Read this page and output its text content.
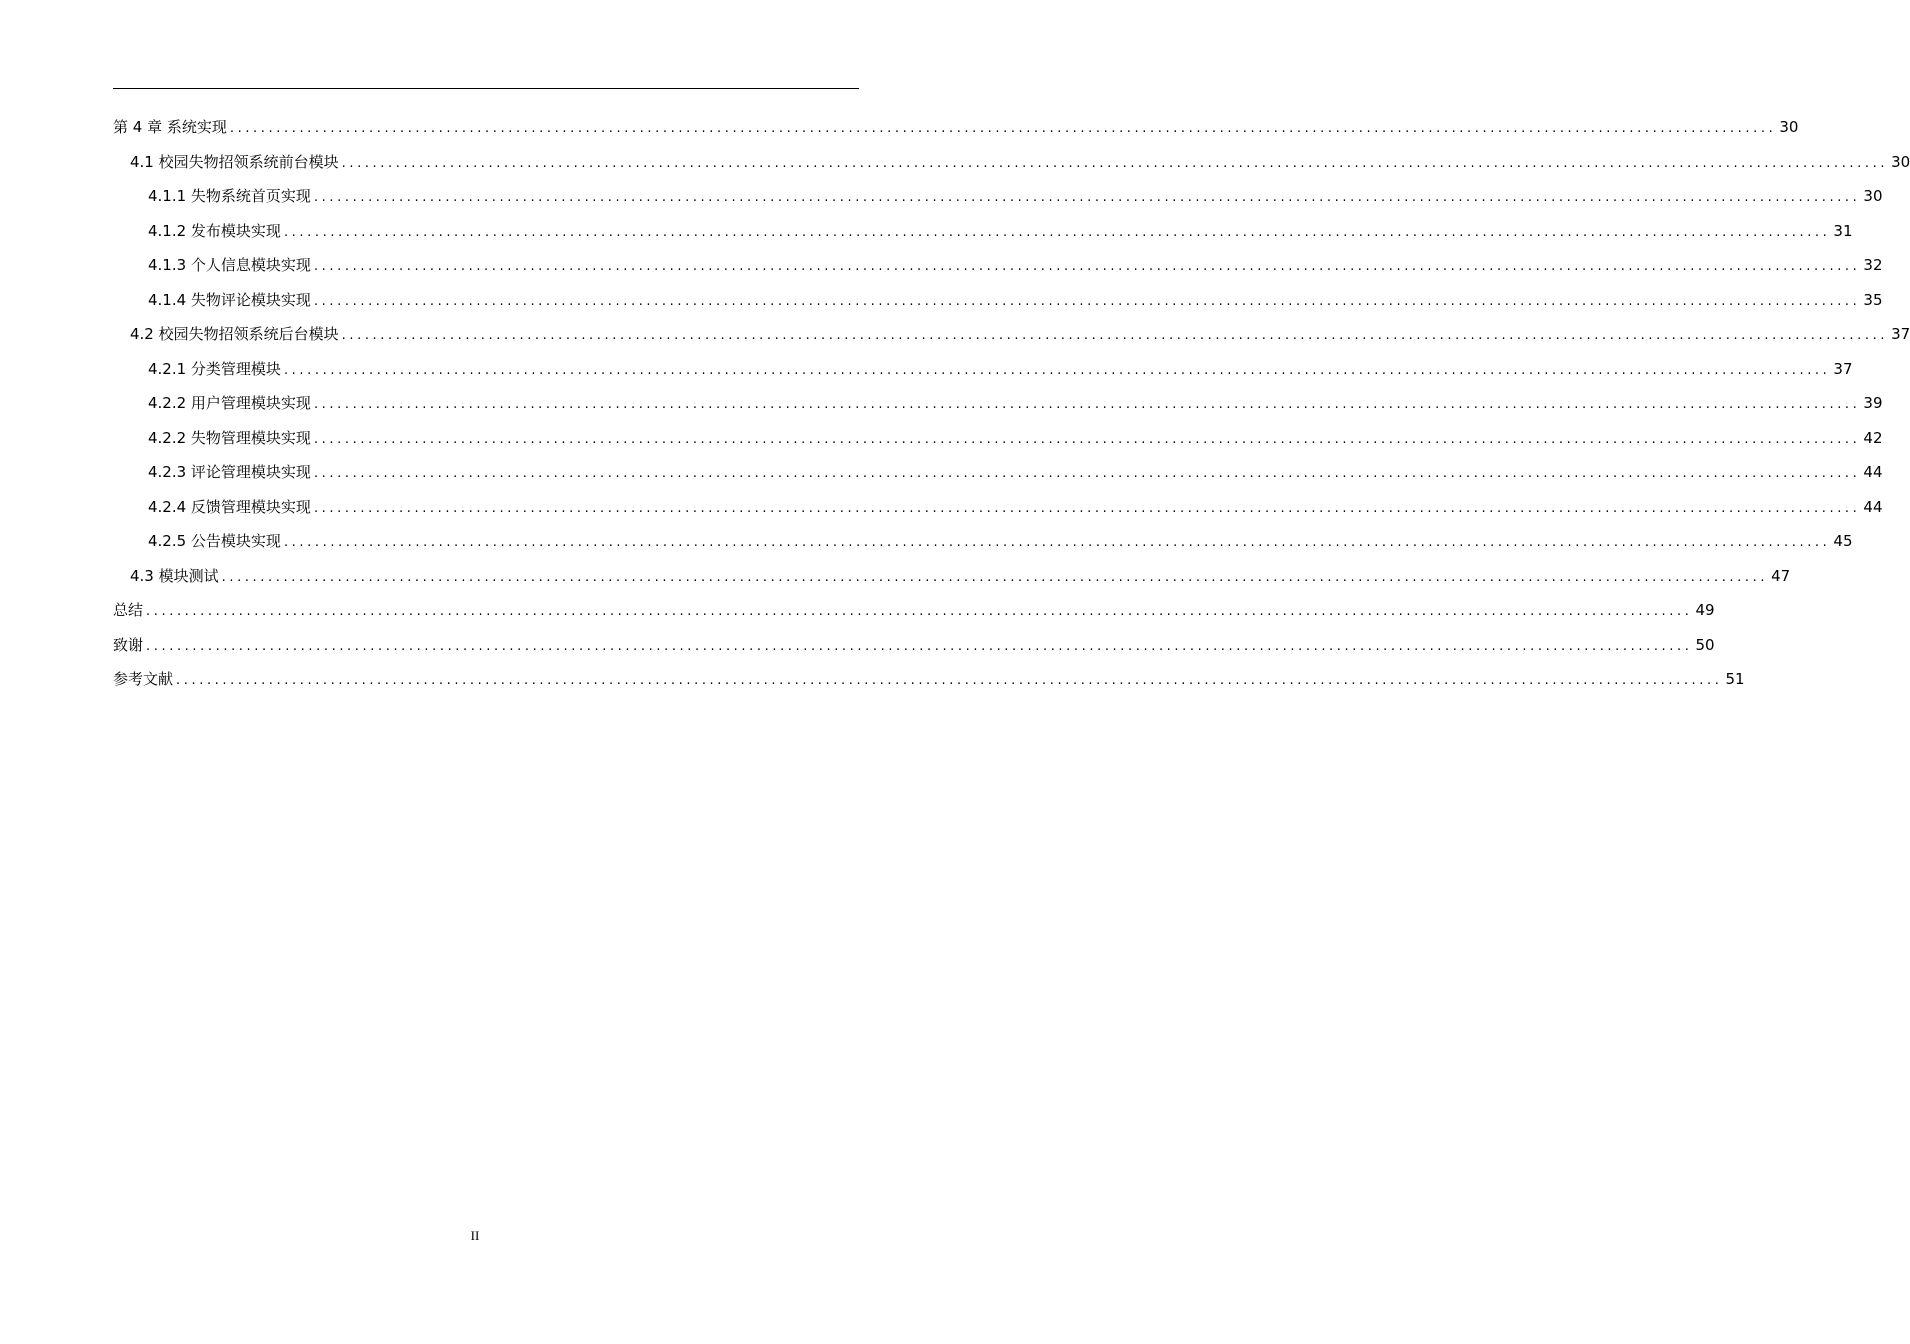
第 4 章 系统实现 ........................................................................................................................................................................................................ 30
4.1 校园失物招领系统前台模块 ........................................................................................................................................................................................................ 30
4.1.1 失物系统首页实现 ........................................................................................................................................................................................................ 30
4.1.2 发布模块实现 ........................................................................................................................................................................................................ 31
4.1.3 个人信息模块实现 ........................................................................................................................................................................................................ 32
4.1.4 失物评论模块实现 ........................................................................................................................................................................................................ 35
4.2 校园失物招领系统后台模块 ........................................................................................................................................................................................................ 37
4.2.1 分类管理模块 ........................................................................................................................................................................................................ 37
4.2.2 用户管理模块实现 ........................................................................................................................................................................................................ 39
4.2.2 失物管理模块实现 ........................................................................................................................................................................................................ 42
4.2.3 评论管理模块实现 ........................................................................................................................................................................................................ 44
4.2.4 反馈管理模块实现 ........................................................................................................................................................................................................ 44
4.2.5 公告模块实现 ........................................................................................................................................................................................................ 45
4.3 模块测试 ........................................................................................................................................................................................................ 47
总结 ........................................................................................................................................................................................................ 49
致谢 ........................................................................................................................................................................................................ 50
参考文献 ........................................................................................................................................................................................................ 51
II
